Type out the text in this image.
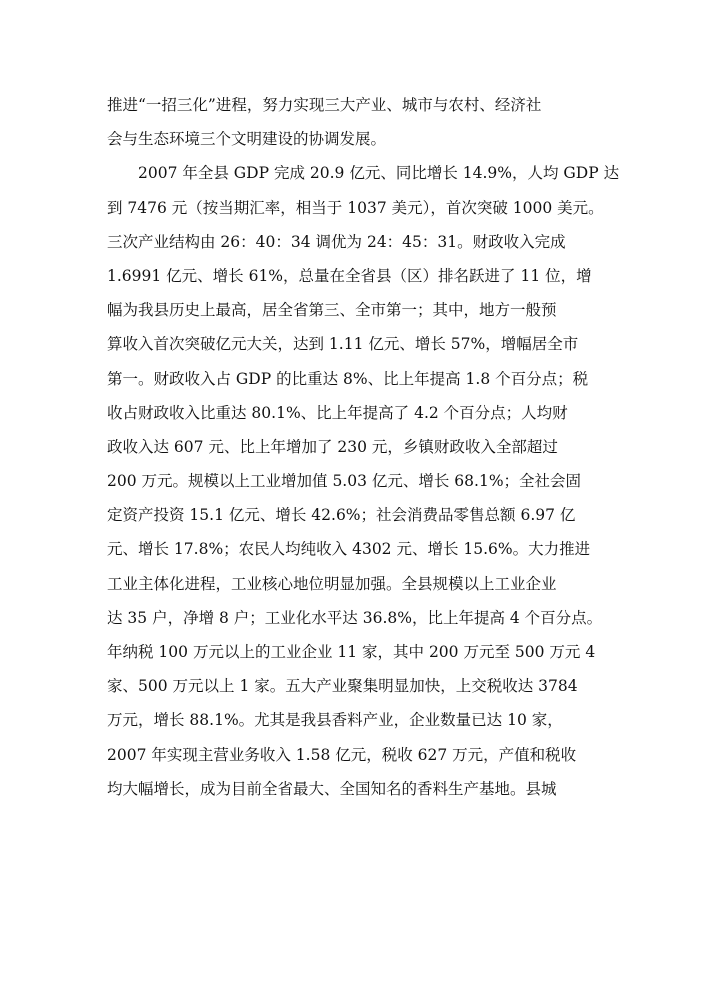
推进“一招三化”进程，努力实现三大产业、城市与农村、经济社
会与生态环境三个文明建设的协调发展。
2007 年全县 GDP 完成 20.9 亿元、同比增长 14.9%，人均 GDP 达
到 7476 元（按当期汇率，相当于 1037 美元），首次突破 1000 美元。
三次产业结构由 26：40：34 调优为 24：45：31。财政收入完成
1.6991 亿元、增长 61%，总量在全省县（区）排名跃进了 11 位，增
幅为我县历史上最高，居全省第三、全市第一；其中，地方一般预
算收入首次突破亿元大关，达到 1.11 亿元、增长 57%，增幅居全市
第一。财政收入占 GDP 的比重达 8%、比上年提高 1.8 个百分点；税
收占财政收入比重达 80.1%、比上年提高了 4.2 个百分点；人均财
政收入达 607 元、比上年增加了 230 元，乡镇财政收入全部超过
200 万元。规模以上工业增加值 5.03 亿元、增长 68.1%；全社会固
定资产投资 15.1 亿元、增长 42.6%；社会消费品零售总额 6.97 亿
元、增长 17.8%；农民人均纯收入 4302 元、增长 15.6%。大力推进
工业主体化进程，工业核心地位明显加强。全县规模以上工业企业
达 35 户，净增 8 户；工业化水平达 36.8%，比上年提高 4 个百分点。
年纳税 100 万元以上的工业企业 11 家，其中 200 万元至 500 万元 4
家、500 万元以上 1 家。五大产业聚集明显加快，上交税收达 3784
万元，增长 88.1%。尤其是我县香料产业，企业数量已达 10 家，
2007 年实现主营业务收入 1.58 亿元，税收 627 万元，产值和税收
均大幅增长，成为目前全省最大、全国知名的香料生产基地。县城
